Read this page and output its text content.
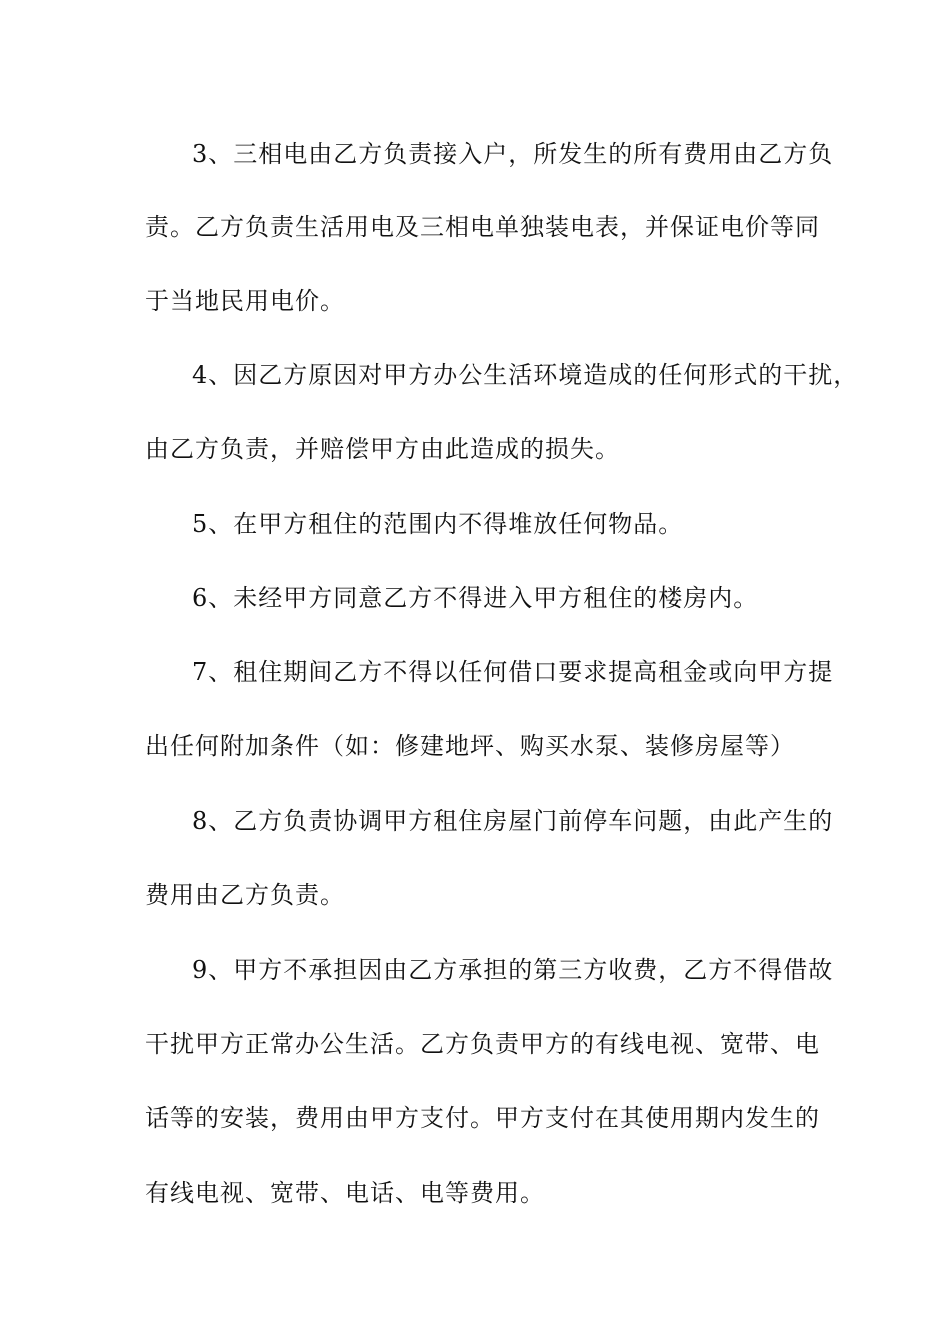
3、三相电由乙方负责接入户，所发生的所有费用由乙方负
责。乙方负责生活用电及三相电单独装电表，并保证电价等同
于当地民用电价。
4、因乙方原因对甲方办公生活环境造成的任何形式的干扰，
由乙方负责，并赔偿甲方由此造成的损失。
5、在甲方租住的范围内不得堆放任何物品。
6、未经甲方同意乙方不得进入甲方租住的楼房内。
7、租住期间乙方不得以任何借口要求提高租金或向甲方提
出任何附加条件（如：修建地坪、购买水泵、装修房屋等）
8、乙方负责协调甲方租住房屋门前停车问题，由此产生的
费用由乙方负责。
9、甲方不承担因由乙方承担的第三方收费，乙方不得借故
干扰甲方正常办公生活。乙方负责甲方的有线电视、宽带、电
话等的安装，费用由甲方支付。甲方支付在其使用期内发生的
有线电视、宽带、电话、电等费用。
